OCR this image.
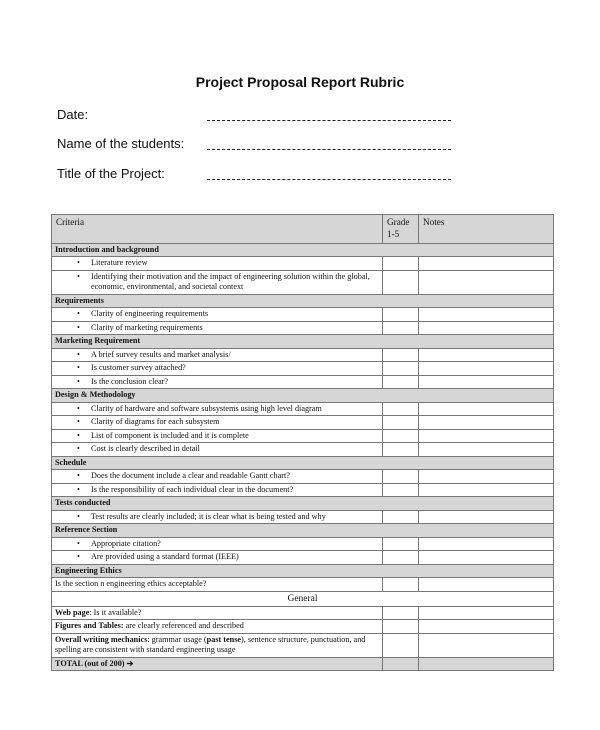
Project Proposal Report Rubric
Date:
Name of the students:
Title of the Project:
Criteria	Grade 1-5	Notes
Introduction and background		

• Literature review

• Identifying their motivation and the impact of engineering solution within the global, economic, environmental, and societal context

Requirements		

• Clarity of engineering requirements

• Clarity of marketing requirements

Marketing Requirement		

• A brief survey results and market analysis/

• Is customer survey attached?

• Is the conclusion clear?

Design & Methodology		

• Clarity of hardware and software subsystems using high level diagram

• Clarity of diagrams for each subsystem

• List of component is included and it is complete

• Cost is clearly described in detail

Schedule		

• Does the document include a clear and readable Gantt chart?

• Is the responsibility of each individual clear in the document?

Tests conducted		

• Test results are clearly included; it is clear what is being tested and why

Reference Section		

• Appropriate citation?

• Are provided using a standard format (IEEE)

Engineering Ethics		
Is the section n engineering ethics acceptable?		
General		
Web page: Is it available?		
Figures and Tables: are clearly referenced and described		
Overall writing mechanics: grammar usage (past tense), sentence structure, punctuation, and spelling are consistent with standard engineering usage		
TOTAL (out of 200) ➔		
